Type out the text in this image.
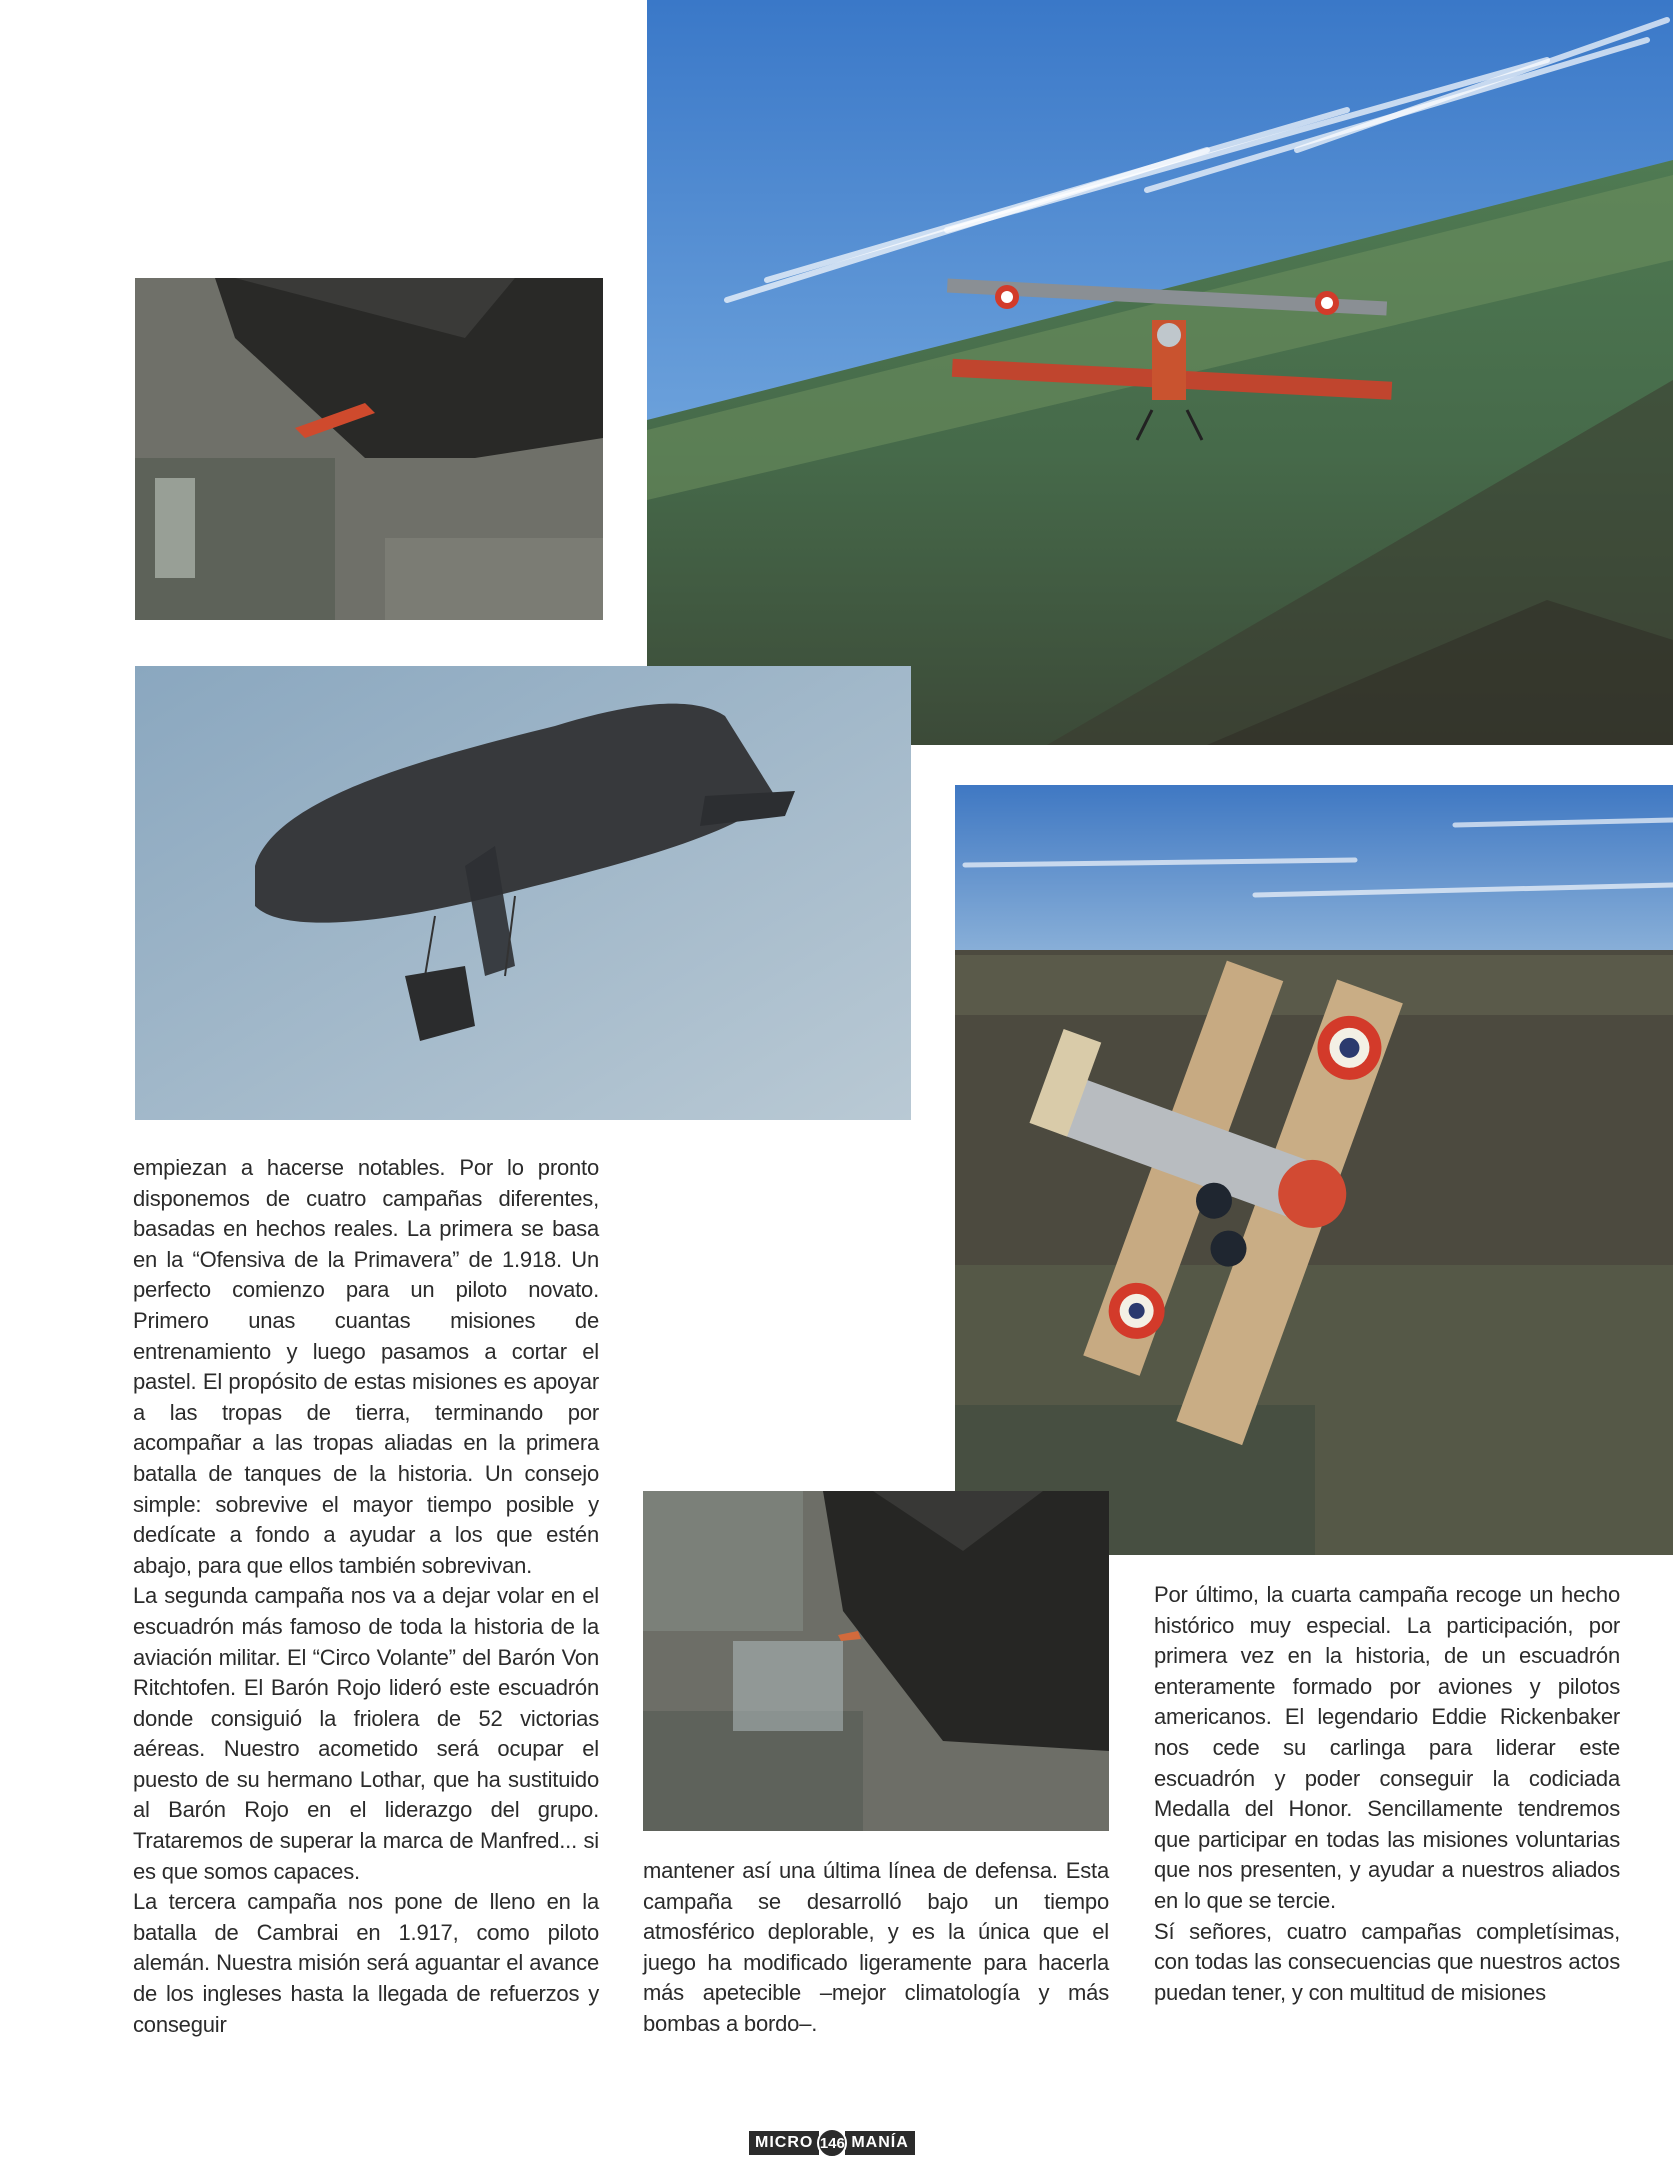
empiezan a hacerse notables. Por lo pronto disponemos de cuatro campañas diferentes, basadas en hechos reales. La primera se basa en la “Ofensiva de la Primavera” de 1.918. Un perfecto comienzo para un piloto novato. Primero unas cuantas misiones de entrenamiento y luego pasamos a cortar el pastel. El propósito de estas misiones es apoyar a las tropas de tierra, terminando por acompañar a las tropas aliadas en la primera batalla de tanques de la historia. Un consejo simple: sobrevive el mayor tiempo posible y dedícate a fondo a ayudar a los que estén abajo, para que ellos también sobrevivan.

La segunda campaña nos va a dejar volar en el escuadrón más famoso de toda la historia de la aviación militar. El “Circo Volante” del Barón Von Ritchtofen. El Barón Rojo lideró este escuadrón donde consiguió la friolera de 52 victorias aéreas. Nuestro acometido será ocupar el puesto de su hermano Lothar, que ha sustituido al Barón Rojo en el liderazgo del grupo. Trataremos de superar la marca de Manfred... si es que somos capaces.

La tercera campaña nos pone de lleno en la batalla de Cambrai en 1.917, como piloto alemán. Nuestra misión será aguantar el avance de los ingleses hasta la llegada de refuerzos y conseguir

mantener así una última línea de defensa. Esta campaña se desarrolló bajo un tiempo atmosférico deplorable, y es la única que el juego ha modificado ligeramente para hacerla más apetecible –mejor climatología y más bombas a bordo–.

Por último, la cuarta campaña recoge un hecho histórico muy especial. La participación, por primera vez en la historia, de un escuadrón enteramente formado por aviones y pilotos americanos. El legendario Eddie Rickenbaker nos cede su carlinga para liderar este escuadrón y poder conseguir la codiciada Medalla del Honor. Sencillamente tendremos que participar en todas las misiones voluntarias que nos presenten, y ayudar a nuestros aliados en lo que se tercie.

Sí señores, cuatro campañas completísimas, con todas las consecuencias que nuestros actos puedan tener, y con multitud de misiones

MICRO 146 MANÍA
